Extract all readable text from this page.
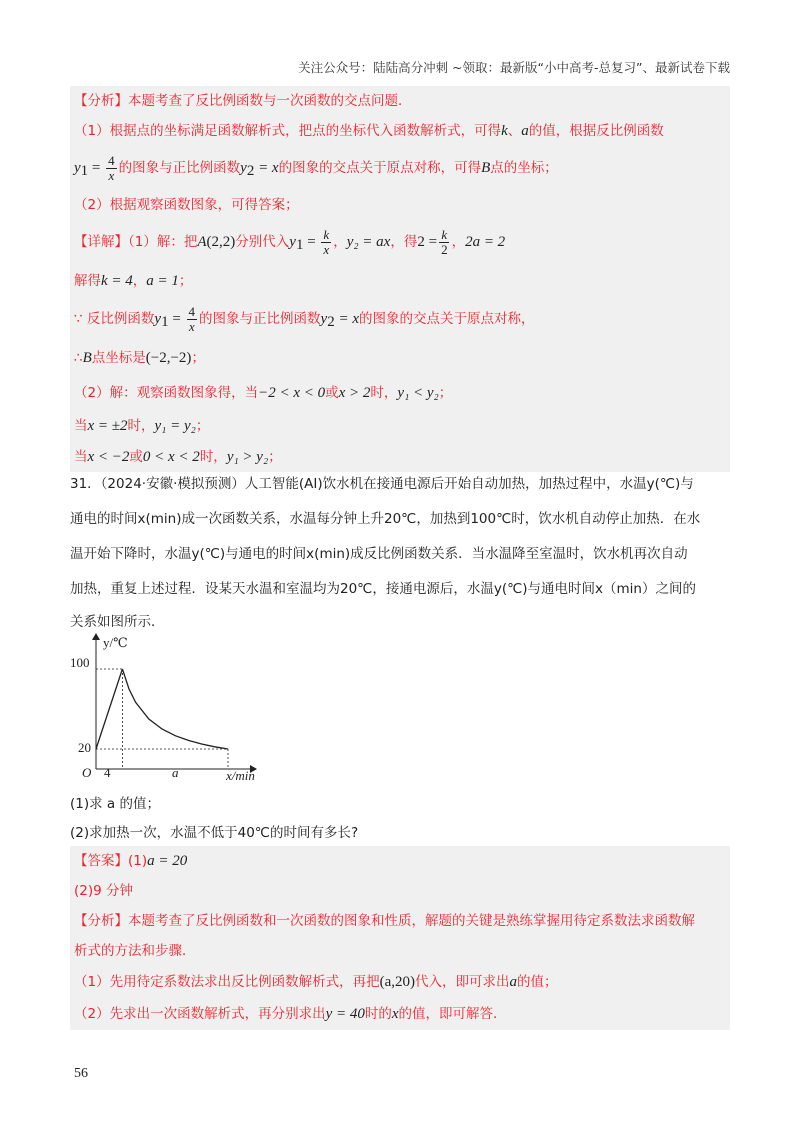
关注公众号：陆陆高分冲刺 ~领取：最新版“小中高考-总复习”、最新试卷下载
【分析】本题考查了反比例函数与一次函数的交点问题．
（1）根据点的坐标满足函数解析式，把点的坐标代入函数解析式，可得k、a的值，根据反比例函数
$y1 = \frac{4}{x}$ 的图象与正比例函数y2 = x的图象的交点关于原点对称，可得B点的坐标；
（2）根据观察函数图象，可得答案；
【详解】（1）解：把A(2,2)分别代入$y1 = \frac{k}{x}$ ，y₂ = ax，得$2 = \frac{k}{2}$ ，2a = 2
解得k = 4，a = 1；
∵ 反比例函数$y1 = \frac{4}{x}$ 的图象与正比例函数y2 = x的图象的交点关于原点对称，
∴B点坐标是(−2,−2)；
（2）解：观察函数图象得，当−2 < x < 0或x > 2时，y₁ < y₂；
当x = ±2时，y₁ = y₂；
当x < −2或0 < x < 2时，y₁ > y₂；
31．（2024·安徽·模拟预测）人工智能(AI)饮水机在接通电源后开始自动加热，加热过程中，水温y(℃)与
通电的时间x(min)成一次函数关系，水温每分钟上升20℃，加热到100℃时，饮水机自动停止加热．在水
温开始下降时，水温y(℃)与通电的时间x(min)成反比例函数关系．当水温降至室温时，饮水机再次自动
加热，重复上述过程．设某天水温和室温均为20℃，接通电源后，水温y(℃)与通电时间x（min）之间的
关系如图所示．
y/℃
x/min
100
20
O 4	a
(1)求 a 的值；
(2)求加热一次，水温不低于40℃的时间有多长?
【答案】(1)a = 20
(2)9 分钟
【分析】本题考查了反比例函数和一次函数的图象和性质，解题的关键是熟练掌握用待定系数法求函数解
析式的方法和步骤．
（1）先用待定系数法求出反比例函数解析式，再把(a,20)代入，即可求出a的值；
（2）先求出一次函数解析式，再分别求出y = 40时的x的值，即可解答．
56
